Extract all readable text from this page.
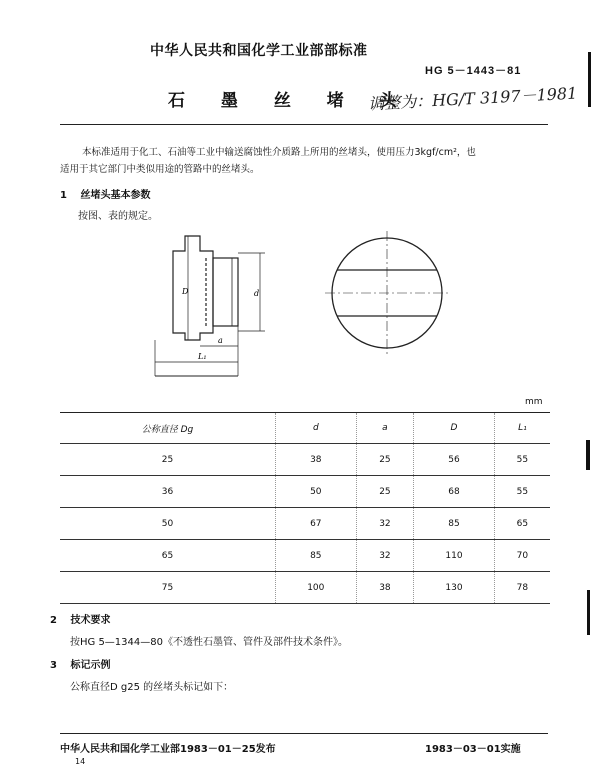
中华人民共和国化学工业部部标准
HG 5－1443－81
石 墨 丝 堵 头
调整为：HG/T 3197－1981

本标准适用于化工、石油等工业中输送腐蚀性介质路上所用的丝堵头，使用压力3kgf/cm²，也

适用于其它部门中类似用途的管路中的丝堵头。

1 丝堵头基本参数
按图、表的规定。
D	d
a
L₁
mm
公称直径 Dg	d	a	D	L₁
25	38	25	56	55
36	50	25	68	55
50	67	32	85	65
65	85	32	110	70
75	100	38	130	78
2 技术要求
按HG 5—1344—80《不透性石墨管、管件及部件技术条件》。
3 标记示例
公称直径D g25 的丝堵头标记如下：
中华人民共和国化学工业部1983－01－25发布	1983－03－01实施
14
